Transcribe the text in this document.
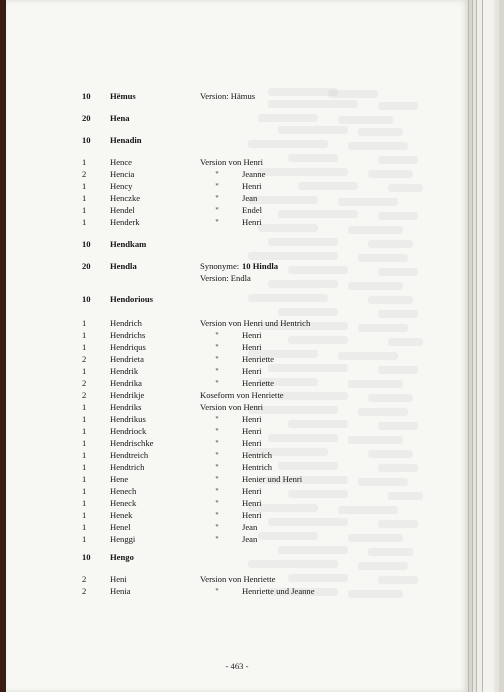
10	Hëmus	Version: Hämus
20	Hena
10	Henadin
1	Hence	Version von Henri
2	Hencia	"	Jeanne
1	Hency	"	Henri
1	Henczke	"	Jean
1	Hendel	"	Endel
1	Henderk	"	Henri
10	Hendkam
20	Hendla	Synonyme: 10 Hindla
Version: Endla
10	Hendorious
1	Hendrich	Version von Henri und Hentrich
1	Hendrichs	"	Henri
1	Hendriqus	"	Henri
2	Hendrieta	"	Henriette
1	Hendrik	"	Henri
2	Hendrika	"	Henriette
2	Hendrikje	Koseform von Henriette
1	Hendriks	Version von Henri
1	Hendrikus	"	Henri
1	Hendriock	"	Henri
1	Hendrischke	"	Henri
1	Hendtreich	"	Hentrich
1	Hendtrich	"	Hentrich
1	Hene	"	Henier und Henri
1	Henech	"	Henri
1	Heneck	"	Henri
1	Henek	"	Henri
1	Henel	"	Jean
1	Henggi	"	Jean
10	Hengo
2	Heni	Version von Henriette
2	Henia	"	Henriette und Jeanne
- 463 -
